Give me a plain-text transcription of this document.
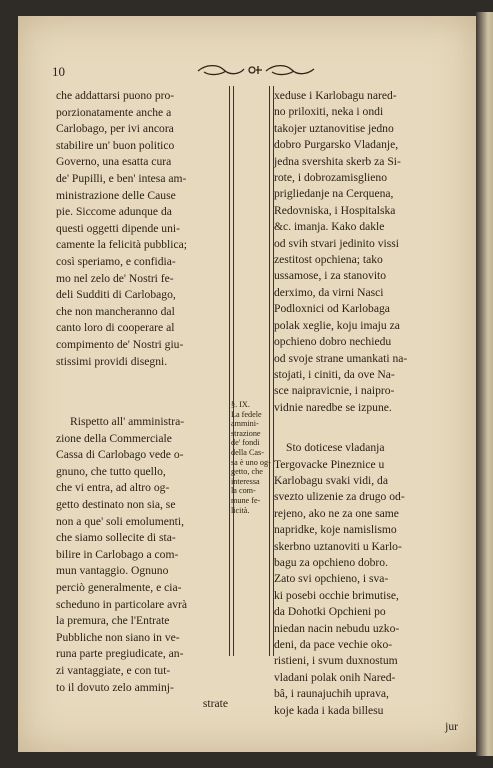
10
che addattarsi puono pro-
porzionatamente anche a
Carlobago, per ivi ancora
stabilire un' buon politico
Governo, una esatta cura
de' Pupilli, e ben' intesa am-
ministrazione delle Cause
pie. Siccome adunque da
questi oggetti dipende uni-
camente la felicità pubblica;
così speriamo, e confidia-
mo nel zelo de' Nostri fe-
deli Sudditi di Carlobago,
che non mancheranno dal
canto loro di cooperare al
compimento de' Nostri giu-
stissimi providi disegni.
Rispetto all' amministra-
zione della Commerciale
Cassa di Carlobago vede o-
gnuno, che tutto quello,
che vi entra, ad altro og-
getto destinato non sia, se
non a que' soli emolumenti,
che siamo sollecite di sta-
bilire in Carlobago a com-
mun vantaggio. Ognuno
perciò generalmente, e cia-
scheduno in particolare avrà
la premura, che l'Entrate
Pubbliche non siano in ve-
runa parte pregiudicate, an-
zi vantaggiate, e con tut-
to il dovuto zelo amminj-
strate
§. IX.
La fedele
ammini-
strazione
de' fondi
della Cas-
sa è uno og-
getto, che
interessa
la com-
mune fe-
licità.
xeduse i Karlobagu nared-
no priloxiti, neka i ondi
takojer uztanovitise jedno
dobro Purgarsko Vladanje,
jedna svershita skerb za Si-
rote, i dobrozamisglieno
prigliedanje na Cerquena,
Redovniska, i Hospitalska
&c. imanja. Kako dakle
od svih stvari jedinito vissi
zestitost opchiena; tako
ussamose, i za stanovito
derximo, da virni Nasci
Podloxnici od Karlobaga
polak xeglie, koju imaju za
opchieno dobro nechiedu
od svoje strane umankati na-
stojati, i ciniti, da ove Na-
sce naipravicnie, i naipro-
vidnie naredbe se izpune.
Sto doticese vladanja
Tergovacke Pineznice u
Karlobagu svaki vidi, da
svezto ulizenie za drugo od-
rejeno, ako ne za one same
napridke, koje namislismo
skerbno uztanoviti u Karlo-
bagu za opchieno dobro.
Zato svi opchieno, i sva-
ki posebi occhie brimutise,
da Dohotki Opchieni po
niedan nacin nebudu uzko-
deni, da pace vechie oko-
ristieni, i svum duxnostum
vladani polak onih Nared-
bâ, i raunajuchih uprava,
koje kada i kada billesu
jur
